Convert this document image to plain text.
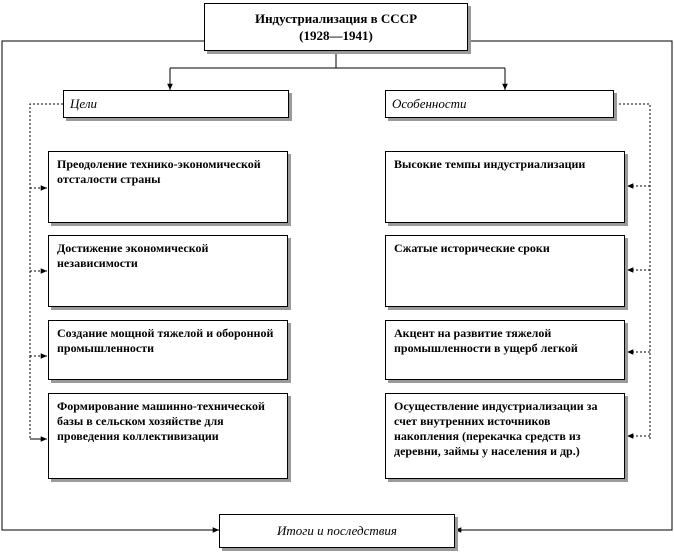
Индустриализация в СССР
(1928—1941)
Цели	Особенности
Преодоление технико-экономической отсталости страны
Достижение экономической независимости
Создание мощной тяжелой и оборонной промышленности
Формирование машинно-технической базы в сельском хозяйстве для проведения коллективизации
Высокие темпы индустриализации
Сжатые исторические сроки
Акцент на развитие тяжелой промышленности в ущерб легкой
Осуществление индустриализации за счет внутренних источников накопления (перекачка средств из деревни, займы у населения и др.)
Итоги и последствия
